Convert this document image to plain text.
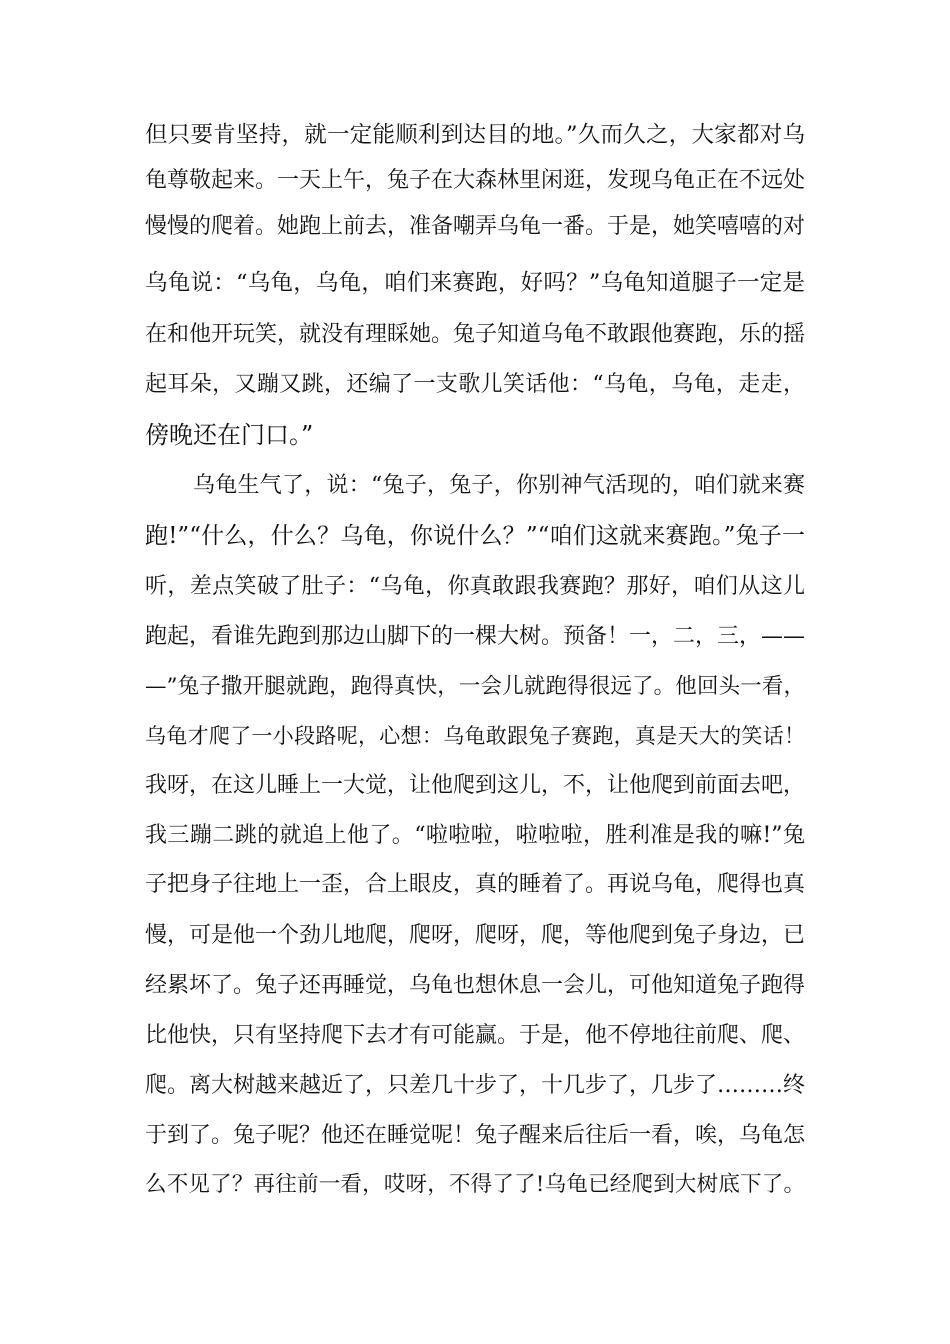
但只要肯坚持，就一定能顺利到达目的地。”久而久之，大家都对乌
龟尊敬起来。一天上午，兔子在大森林里闲逛，发现乌龟正在不远处
慢慢的爬着。她跑上前去，准备嘲弄乌龟一番。于是，她笑嘻嘻的对
乌龟说：“乌龟，乌龟，咱们来赛跑，好吗？”乌龟知道腿子一定是
在和他开玩笑，就没有理睬她。兔子知道乌龟不敢跟他赛跑，乐的摇
起耳朵，又蹦又跳，还编了一支歌儿笑话他：“乌龟，乌龟，走走，
傍晚还在门口。”
乌龟生气了，说：“兔子，兔子，你别神气活现的，咱们就来赛
跑!”“什么，什么？乌龟，你说什么？”“咱们这就来赛跑。”兔子一
听，差点笑破了肚子：“乌龟，你真敢跟我赛跑？那好，咱们从这儿
跑起，看谁先跑到那边山脚下的一棵大树。预备！一，二，三，——
—”兔子撒开腿就跑，跑得真快，一会儿就跑得很远了。他回头一看，
乌龟才爬了一小段路呢，心想：乌龟敢跟兔子赛跑，真是天大的笑话！
我呀，在这儿睡上一大觉，让他爬到这儿，不，让他爬到前面去吧，
我三蹦二跳的就追上他了。“啦啦啦，啦啦啦，胜利准是我的嘛!”兔
子把身子往地上一歪，合上眼皮，真的睡着了。再说乌龟，爬得也真
慢，可是他一个劲儿地爬，爬呀，爬呀，爬，等他爬到兔子身边，已
经累坏了。兔子还再睡觉，乌龟也想休息一会儿，可他知道兔子跑得
比他快，只有坚持爬下去才有可能赢。于是，他不停地往前爬、爬、
爬。离大树越来越近了，只差几十步了，十几步了，几步了………终
于到了。兔子呢？他还在睡觉呢！兔子醒来后往后一看，唉，乌龟怎
么不见了？再往前一看，哎呀，不得了了!乌龟已经爬到大树底下了。
